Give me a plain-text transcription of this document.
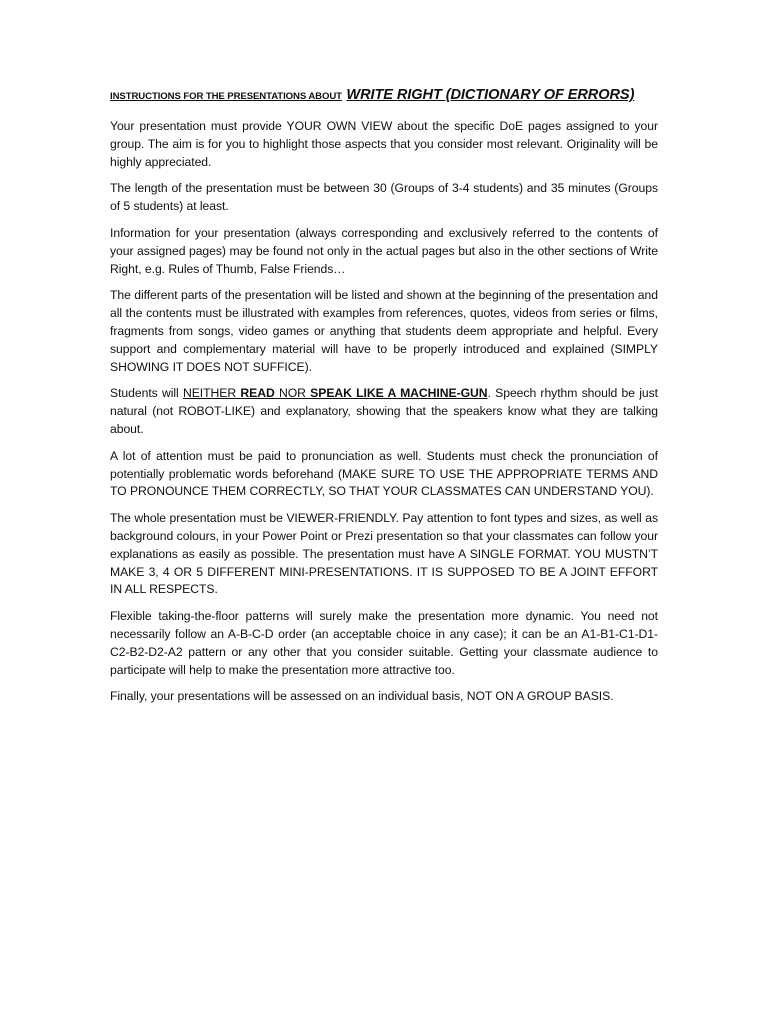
INSTRUCTIONS FOR THE PRESENTATIONS ABOUT WRITE RIGHT (DICTIONARY OF ERRORS)

Your presentation must provide YOUR OWN VIEW about the specific DoE pages assigned to your group. The aim is for you to highlight those aspects that you consider most relevant. Originality will be highly appreciated.

The length of the presentation must be between 30 (Groups of 3-4 students) and 35 minutes (Groups of 5 students) at least.

Information for your presentation (always corresponding and exclusively referred to the contents of your assigned pages) may be found not only in the actual pages but also in the other sections of Write Right, e.g. Rules of Thumb, False Friends…

The different parts of the presentation will be listed and shown at the beginning of the presentation and all the contents must be illustrated with examples from references, quotes, videos from series or films, fragments from songs, video games or anything that students deem appropriate and helpful. Every support and complementary material will have to be properly introduced and explained (SIMPLY SHOWING IT DOES NOT SUFFICE).

Students will NEITHER READ NOR SPEAK LIKE A MACHINE-GUN. Speech rhythm should be just natural (not ROBOT-LIKE) and explanatory, showing that the speakers know what they are talking about.

A lot of attention must be paid to pronunciation as well. Students must check the pronunciation of potentially problematic words beforehand (MAKE SURE TO USE THE APPROPRIATE TERMS AND TO PRONOUNCE THEM CORRECTLY, SO THAT YOUR CLASSMATES CAN UNDERSTAND YOU).

The whole presentation must be VIEWER-FRIENDLY. Pay attention to font types and sizes, as well as background colours, in your Power Point or Prezi presentation so that your classmates can follow your explanations as easily as possible. The presentation must have A SINGLE FORMAT. YOU MUSTN’T MAKE 3, 4 OR 5 DIFFERENT MINI-PRESENTATIONS. IT IS SUPPOSED TO BE A JOINT EFFORT IN ALL RESPECTS.

Flexible taking-the-floor patterns will surely make the presentation more dynamic. You need not necessarily follow an A-B-C-D order (an acceptable choice in any case); it can be an A1-B1-C1-D1-C2-B2-D2-A2 pattern or any other that you consider suitable. Getting your classmate audience to participate will help to make the presentation more attractive too.

Finally, your presentations will be assessed on an individual basis, NOT ON A GROUP BASIS.
